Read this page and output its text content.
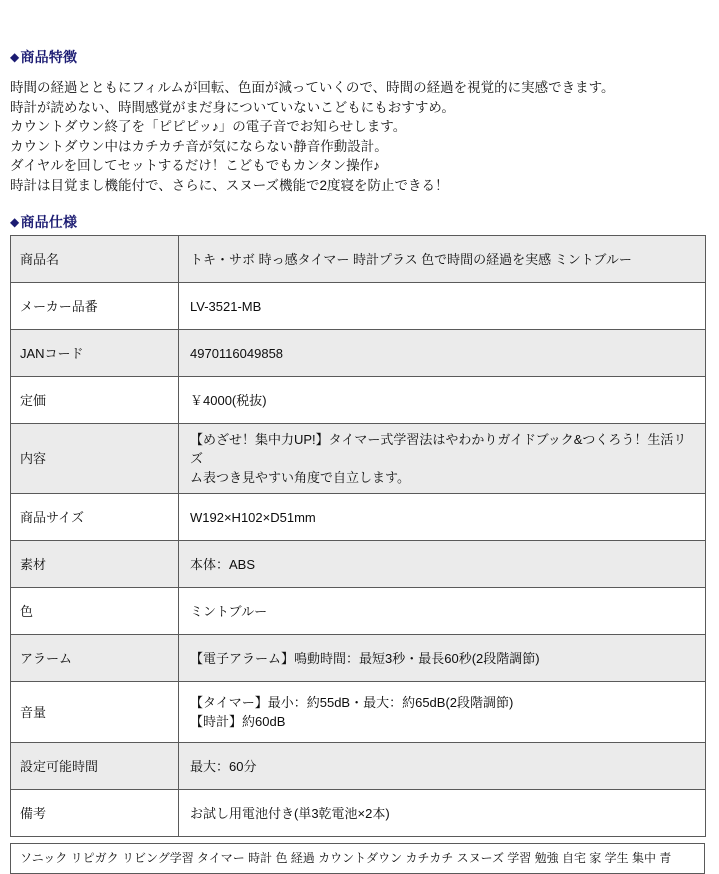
◆商品特徴
時間の経過とともにフィルムが回転、色面が減っていくので、時間の経過を視覚的に実感できます。
時計が読めない、時間感覚がまだ身についていないこどもにもおすすめ。
カウントダウン終了を「ピピピッ♪」の電子音でお知らせします。
カウントダウン中はカチカチ音が気にならない静音作動設計。
ダイヤルを回してセットするだけ！こどもでもカンタン操作♪
時計は目覚まし機能付で、さらに、スヌーズ機能で2度寝を防止できる！
◆商品仕様
商品名	トキ・サボ 時っ感タイマー 時計プラス 色で時間の経過を実感 ミントブルー

メーカー品番	LV-3521-MB

JANコード	4970116049858

定価	￥4000(税抜)

内容	【めざせ！集中力UP!】タイマー式学習法はやわかりガイドブック&つくろう！生活リズ
ム表つき見やすい角度で自立します。

商品サイズ	W192×H102×D51mm

素材	本体：ABS

色	ミントブルー

アラーム	【電子アラーム】鳴動時間：最短3秒・最長60秒(2段階調節)

音量	【タイマー】最小：約55dB・最大：約65dB(2段階調節)
【時計】約60dB

設定可能時間	最大：60分

備考	お試し用電池付き(単3乾電池×2本)
ソニック リピガク リビング学習 タイマー 時計 色 経過 カウントダウン カチカチ スヌーズ 学習 勉強 自宅 家 学生 集中 青
